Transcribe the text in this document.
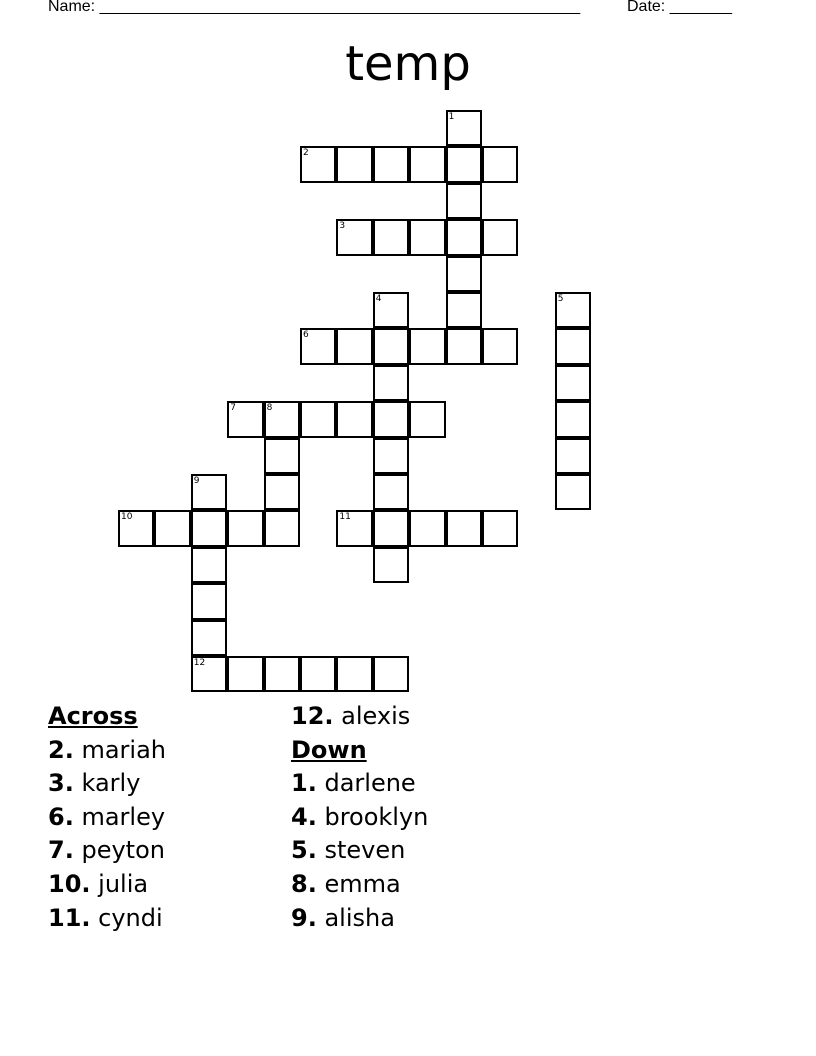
Name: ______________________________________________________	Date: _______
temp
1
2
3
4	5
6
7	8
9
12
10	11
Across
2. mariah
3. karly
6. marley
7. peyton
10. julia
11. cyndi
12. alexis
Down
1. darlene
4. brooklyn
5. steven
8. emma
9. alisha
